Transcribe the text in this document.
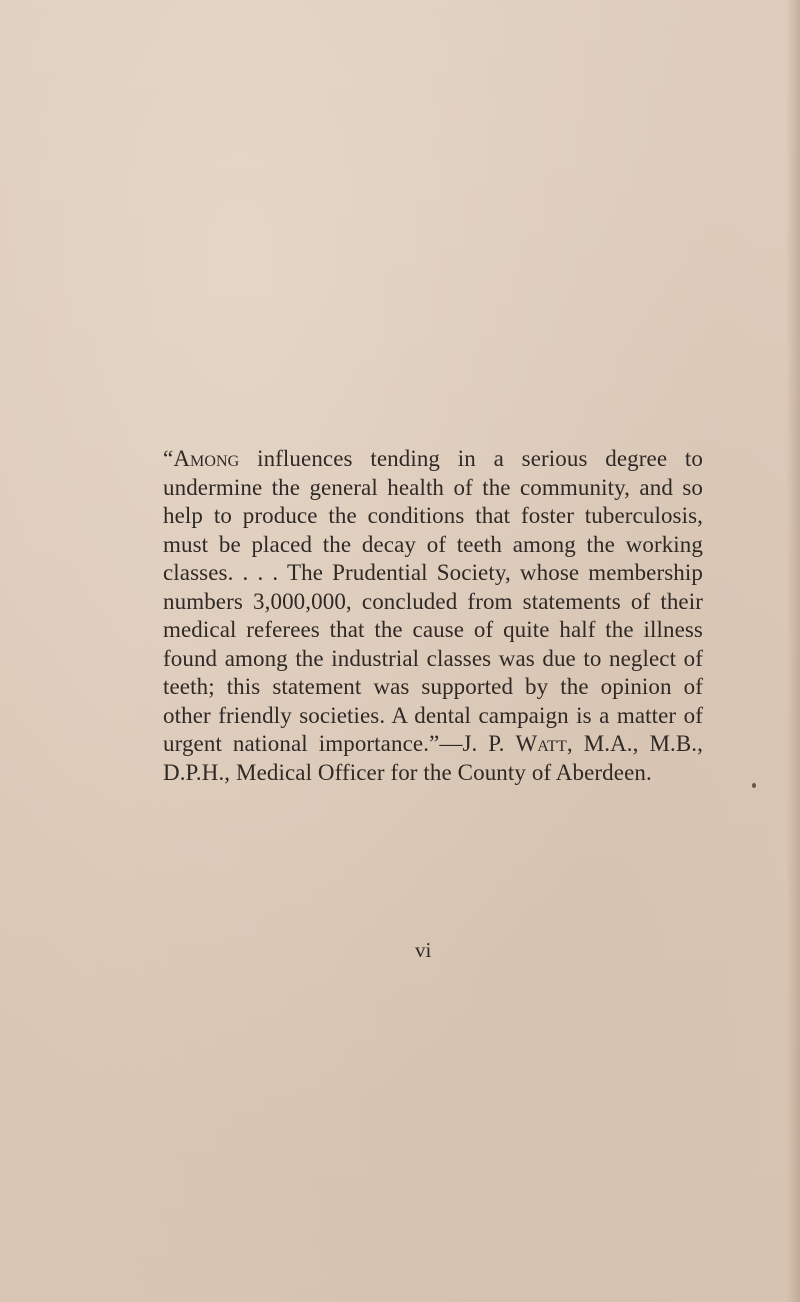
“Among influences tending in a serious degree to undermine the general health of the community, and so help to produce the conditions that foster tuberculosis, must be placed the decay of teeth among the working classes. . . . The Prudential Society, whose membership numbers 3,000,000, concluded from statements of their medical referees that the cause of quite half the illness found among the industrial classes was due to neglect of teeth; this statement was supported by the opinion of other friendly societies. A dental campaign is a matter of urgent national importance.”—J. P. Watt, M.A., M.B., D.P.H., Medical Officer for the County of Aberdeen.

vi
